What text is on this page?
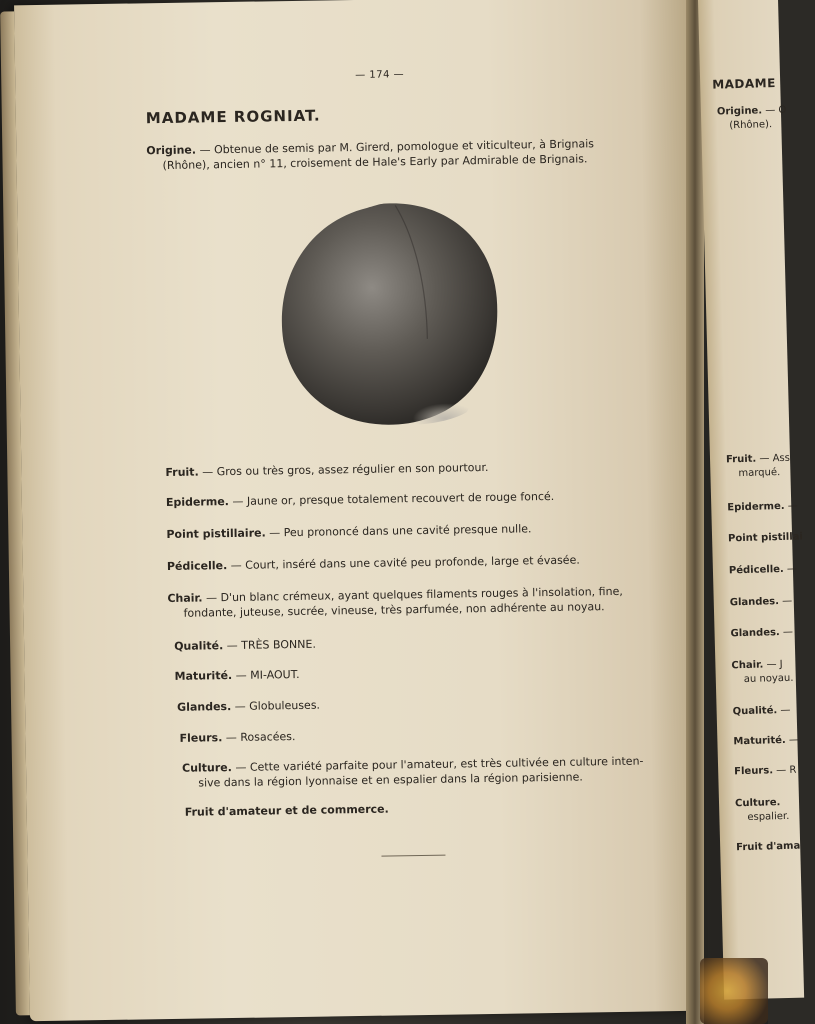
— 174 —
MADAME ROGNIAT.
Origine. — Obtenue de semis par M. Girerd, pomologue et viticulteur, à Brignais
(Rhône), ancien n° 11, croisement de Hale's Early par Admirable de Brignais.
Fruit. — Gros ou très gros, assez régulier en son pourtour.
Epiderme. — Jaune or, presque totalement recouvert de rouge foncé.
Point pistillaire. — Peu prononcé dans une cavité presque nulle.
Pédicelle. — Court, inséré dans une cavité peu profonde, large et évasée.
Chair. — D'un blanc crémeux, ayant quelques filaments rouges à l'insolation, fine,
fondante, juteuse, sucrée, vineuse, très parfumée, non adhérente au noyau.
Qualité. — TRÈS BONNE.
Maturité. — MI-AOUT.
Glandes. — Globuleuses.
Fleurs. — Rosacées.
Culture. — Cette variété parfaite pour l'amateur, est très cultivée en culture inten-
sive dans la région lyonnaise et en espalier dans la région parisienne.
Fruit d'amateur et de commerce.
MADAME
Origine. — O
(Rhône).
Fruit. — Ass
marqué.
Epiderme. —
Point pistillai
Pédicelle. —
Glandes. —
Glandes. —
Chair. — J
au noyau.
Qualité. —
Maturité. —
Fleurs. — R
Culture.
espalier.
Fruit d'ama
